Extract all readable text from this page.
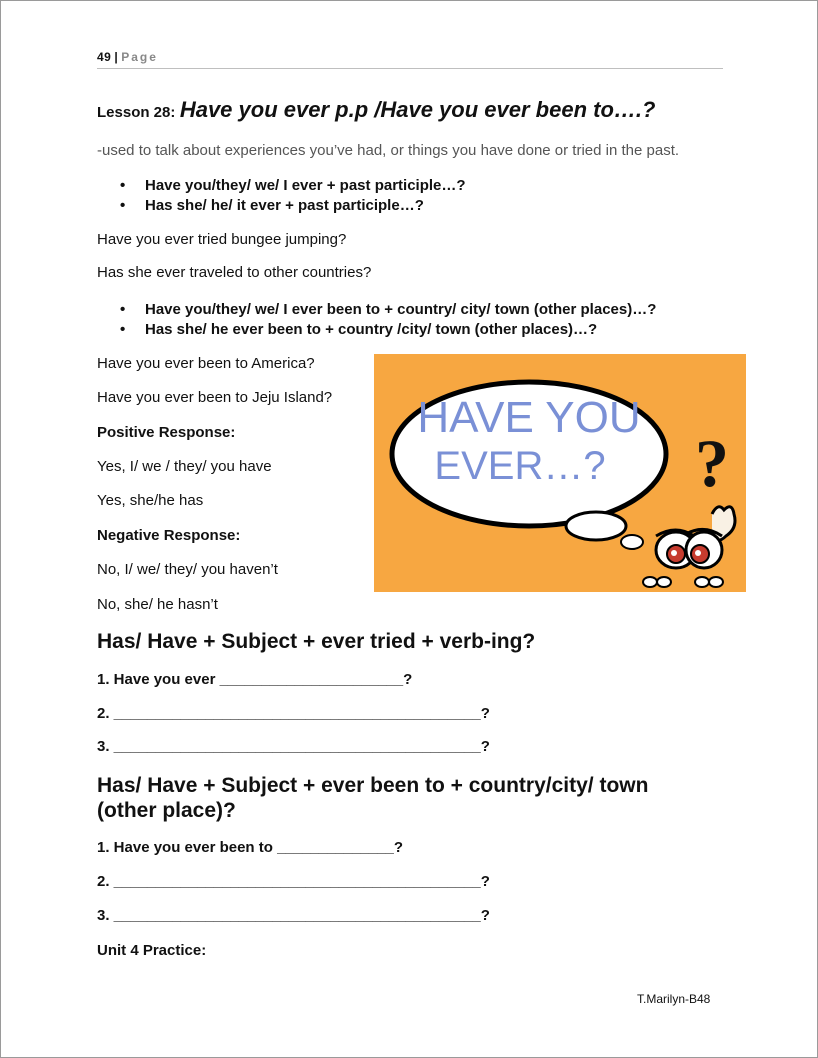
49 | Page
Lesson 28: Have you ever p.p /Have you ever been to….?
-used to talk about experiences you’ve had, or things you have done or tried in the past.
• Have you/they/ we/ I ever + past participle…?
• Has she/ he/ it ever + past participle…?
Have you ever tried bungee jumping?
Has she ever traveled to other countries?
• Have you/they/ we/ I ever been to + country/ city/ town (other places)…?
• Has she/ he ever been to + country /city/ town (other places)…?
Have you ever been to America?
Have you ever been to Jeju Island?
Positive Response:
Yes, I/ we / they/ you have
Yes, she/he has
Negative Response:
No, I/ we/ they/ you haven’t
No, she/ he hasn’t
HAVE YOU
EVER…? ?
Has/ Have + Subject + ever tried + verb-ing?
1. Have you ever ______________________?
2. ____________________________________________?
3. ____________________________________________?
Has/ Have + Subject + ever been to + country/city/ town
(other place)?
1. Have you ever been to ______________?
2. ____________________________________________?
3. ____________________________________________?
Unit 4 Practice:
T.Marilyn-B48
